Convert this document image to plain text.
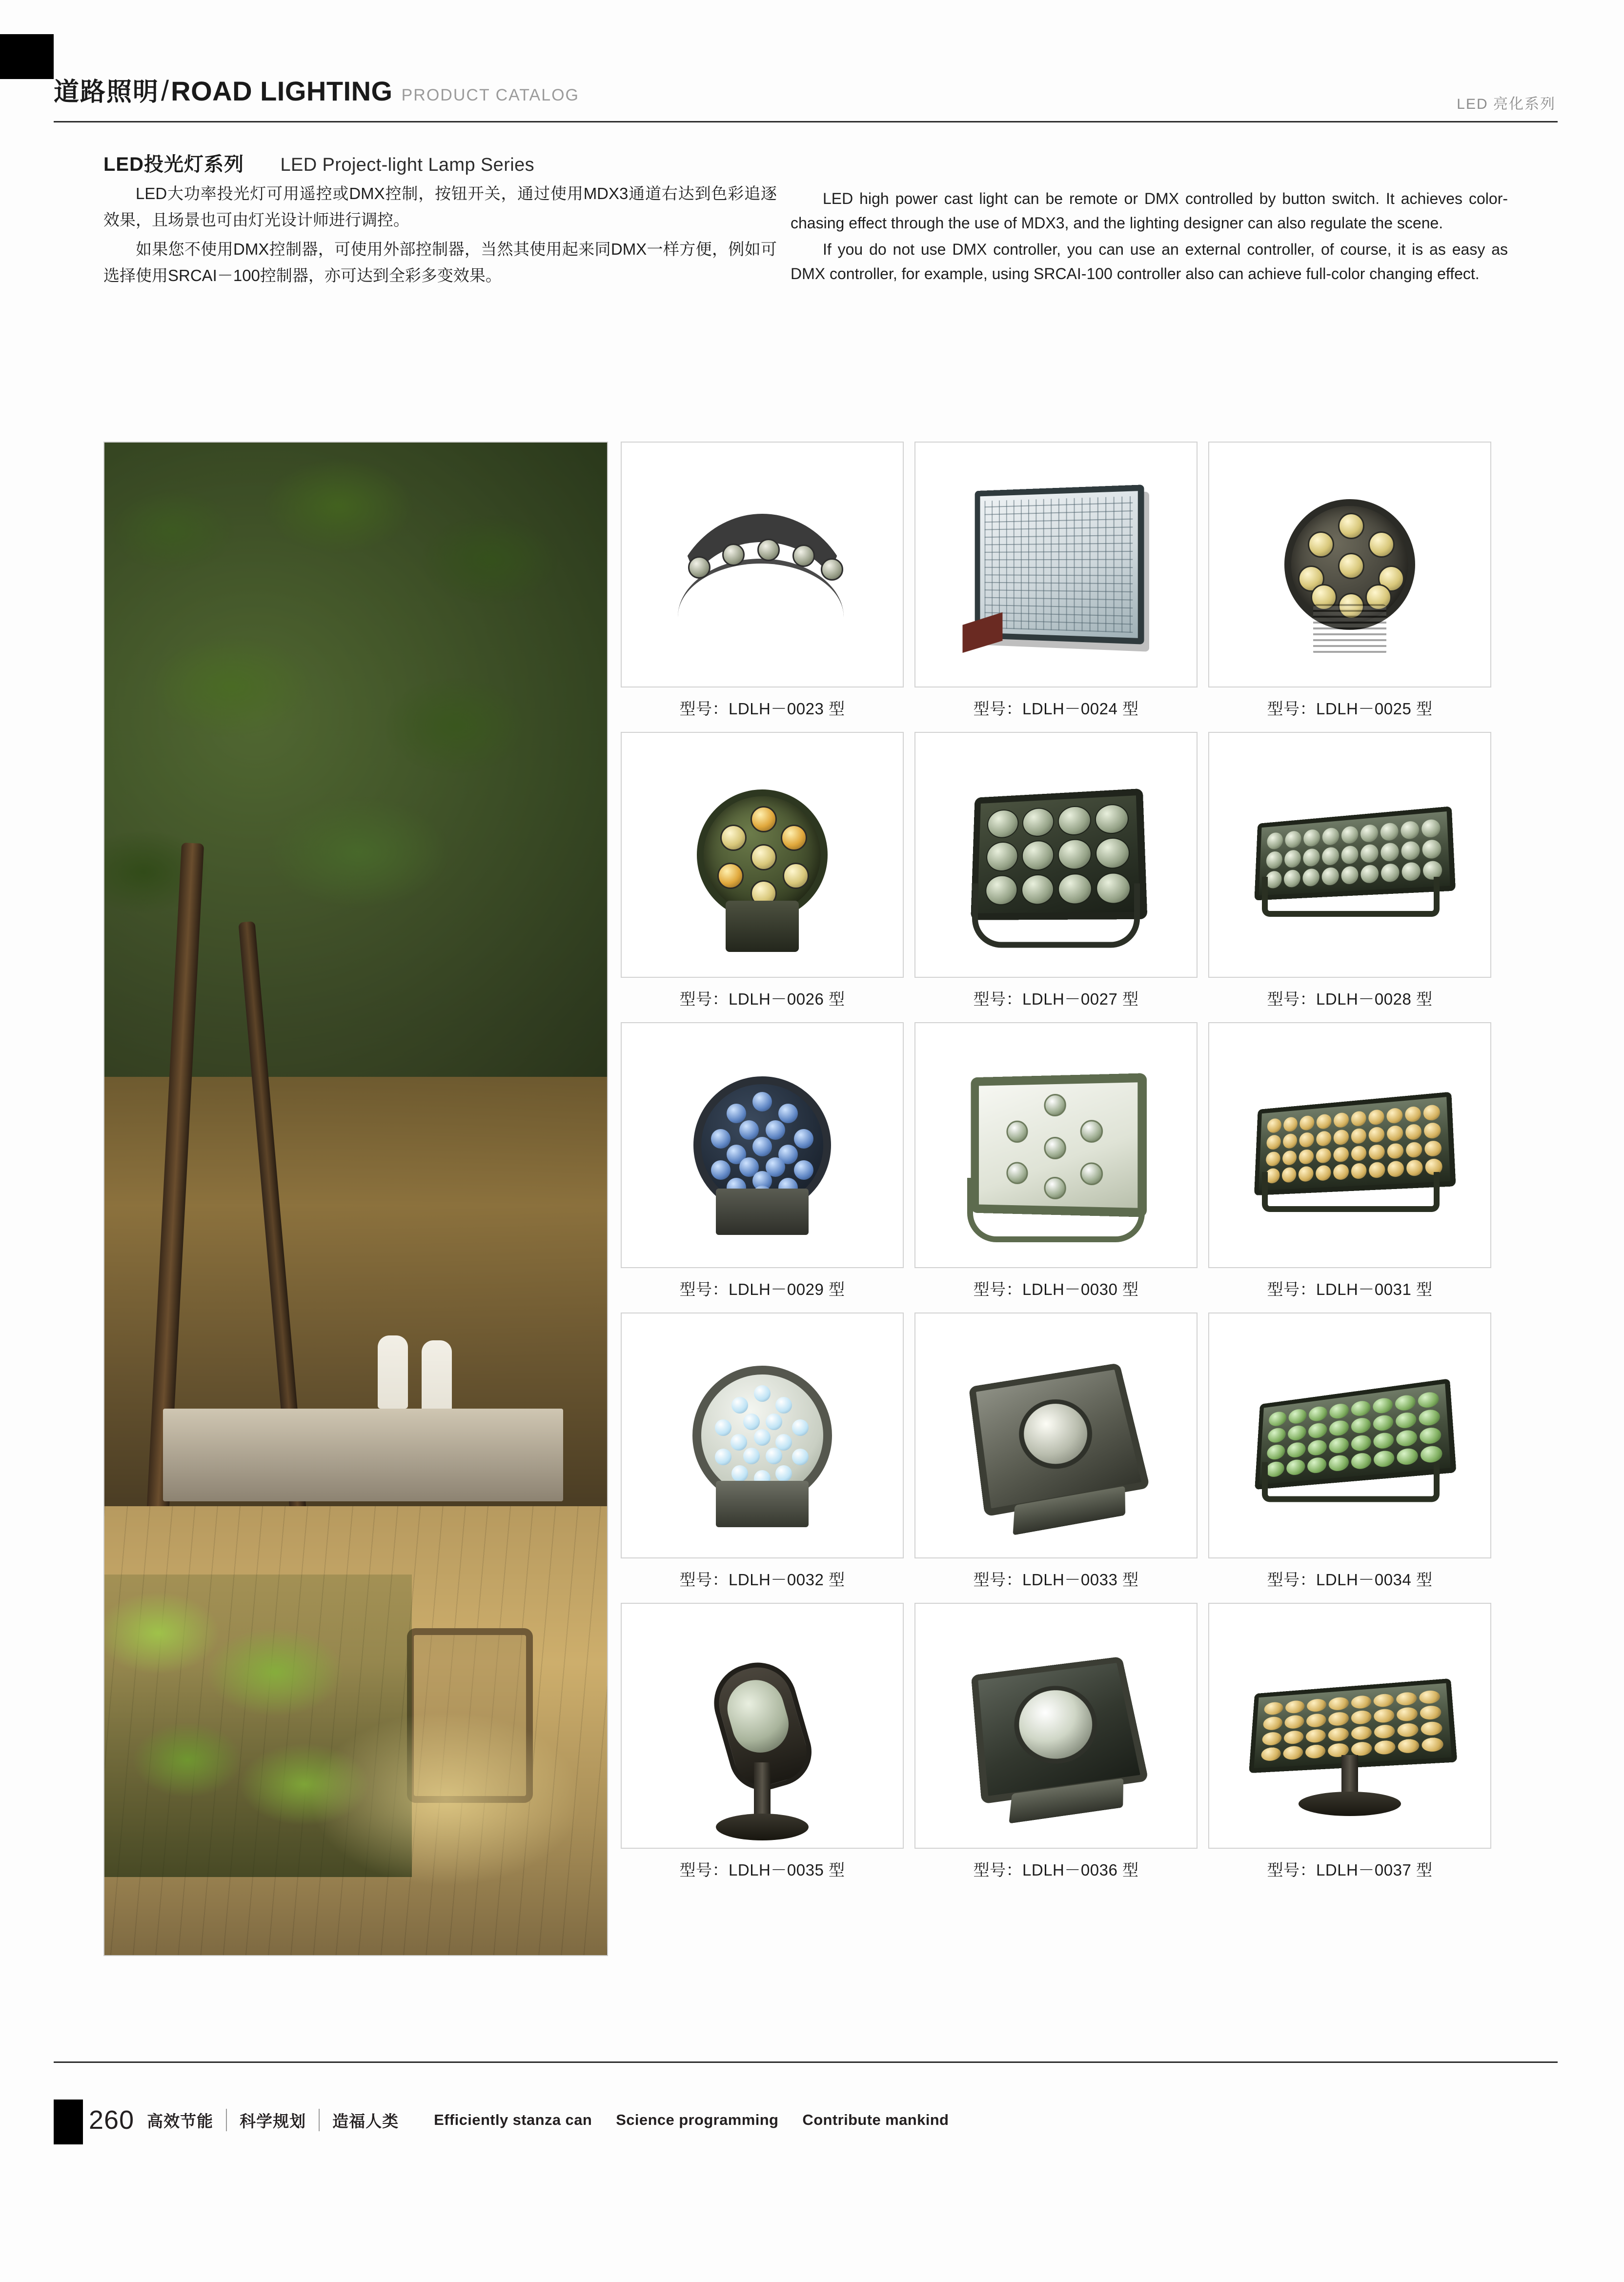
道路照明 / ROAD LIGHTING PRODUCT CATALOG	LED 亮化系列
LED投光灯系列 LED Project-light Lamp Series

LED大功率投光灯可用遥控或DMX控制，按钮开关，通过使用MDX3通道右达到色彩追逐效果，且场景也可由灯光设计师进行调控。

如果您不使用DMX控制器，可使用外部控制器，当然其使用起来同DMX一样方便，例如可选择使用SRCAI－100控制器，亦可达到全彩多变效果。

LED high power cast light can be remote or DMX controlled by button switch. It achieves color-chasing effect through the use of MDX3, and the lighting designer can also regulate the scene.

If you do not use DMX controller, you can use an external controller, of course, it is as easy as DMX controller, for example, using SRCAI-100 controller also can achieve full-color changing effect.

型号：LDLH－0023 型	型号：LDLH－0024 型	型号：LDLH－0025 型
型号：LDLH－0026 型	型号：LDLH－0027 型	型号：LDLH－0028 型
型号：LDLH－0029 型	型号：LDLH－0030 型	型号：LDLH－0031 型
型号：LDLH－0032 型	型号：LDLH－0033 型	型号：LDLH－0034 型
型号：LDLH－0035 型	型号：LDLH－0036 型	型号：LDLH－0037 型
260 高效节能	科学规划	造福人类	Efficiently stanza can Science programming Contribute mankind
